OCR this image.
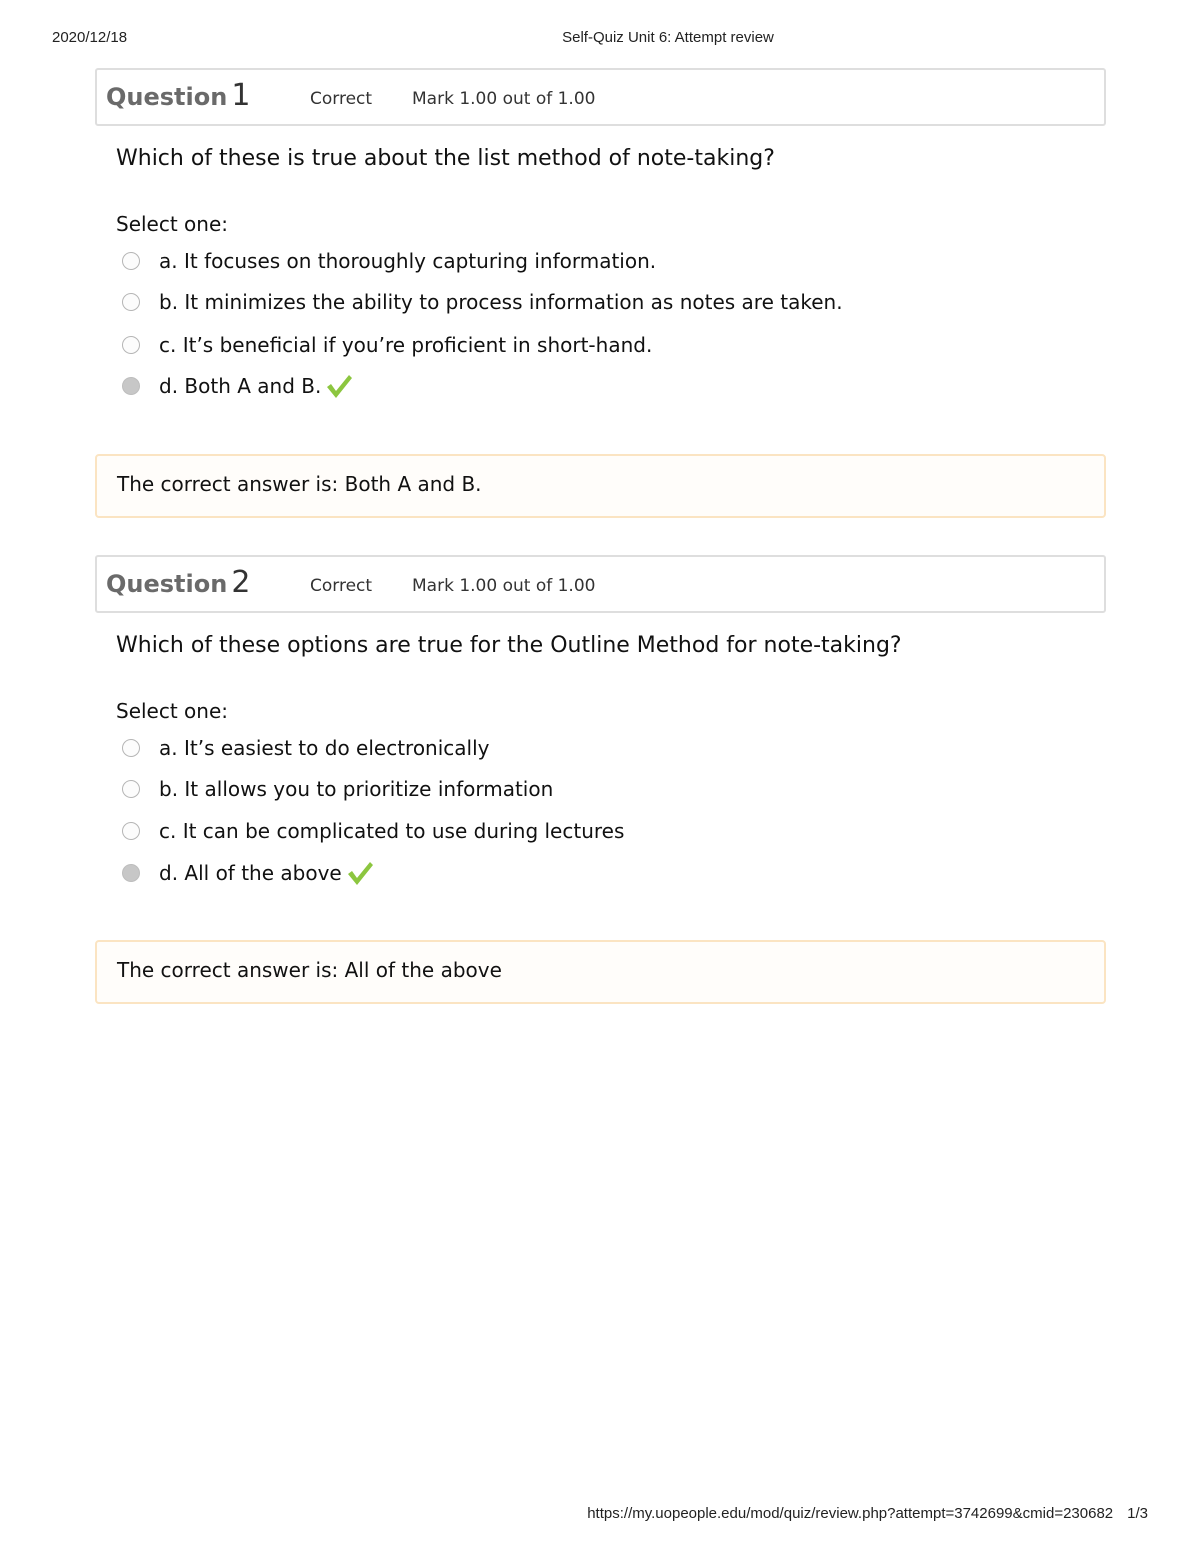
2020/12/18	Self-Quiz Unit 6: Attempt review
Question 1	Correct Mark 1.00 out of 1.00
Which of these is true about the list method of note-taking?
Select one:
a. It focuses on thoroughly capturing information.
b. It minimizes the ability to process information as notes are taken.
c. It’s beneficial if you’re proficient in short-hand.
d. Both A and B.
The correct answer is: Both A and B.
Question 2	Correct Mark 1.00 out of 1.00
Which of these options are true for the Outline Method for note-taking?
Select one:
a. It’s easiest to do electronically
b. It allows you to prioritize information
c. It can be complicated to use during lectures
d. All of the above
The correct answer is: All of the above
https://my.uopeople.edu/mod/quiz/review.php?attempt=3742699&cmid=230682 1/3
